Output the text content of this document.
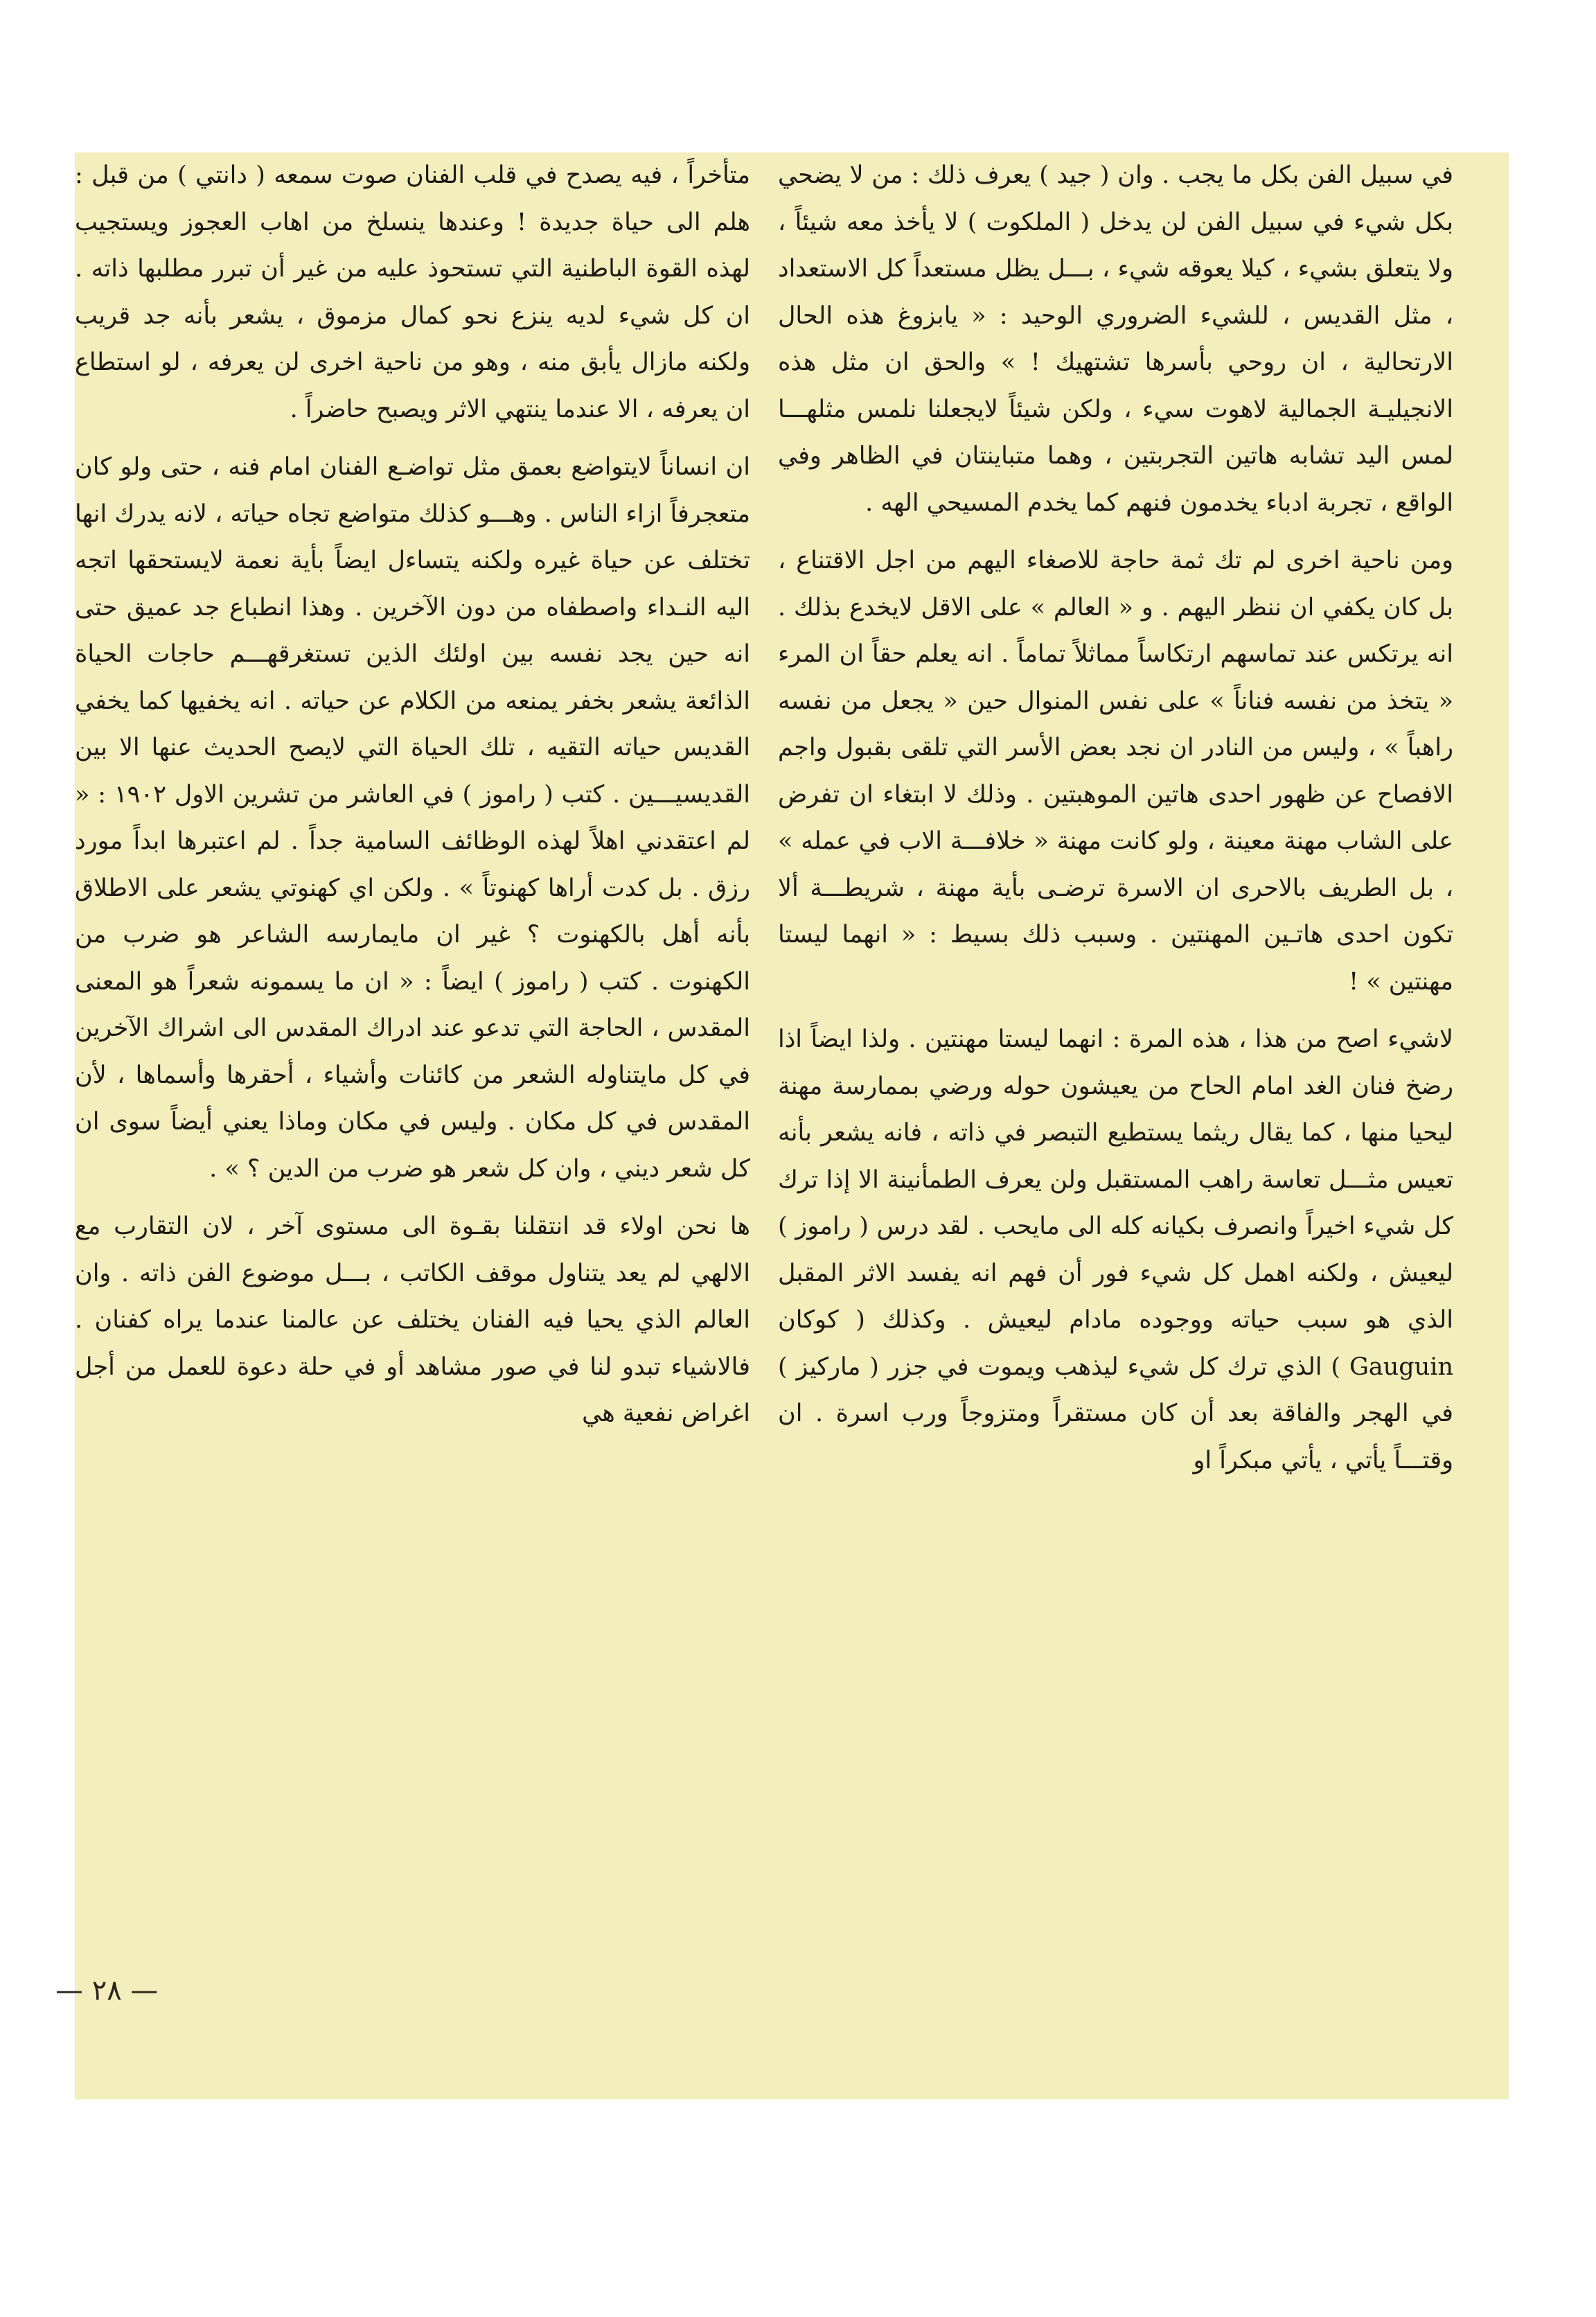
في سبيل الفن بكل ما يجب . وان ( جيد ) يعرف ذلك : من لا يضحي بكل شيء في سبيل الفن لن يدخل ( الملكوت ) لا يأخذ معه شيئاً ، ولا يتعلق بشيء ، كيلا يعوقه شيء ، بـــل يظل مستعداً كل الاستعداد ، مثل القديس ، للشيء الضروري الوحيد : « يابزوغ هذه الحال الارتحالية ، ان روحي بأسرها تشتهيك ! » والحق ان مثل هذه الانجيليـة الجمالية لاهوت سيء ، ولكن شيئاً لايجعلنا نلمس مثلهـــا لمس اليد تشابه هاتين التجربتين ، وهما متباينتان في الظاهر وفي الواقع ، تجربة ادباء يخدمون فنهم كما يخدم المسيحي الهه .

ومن ناحية اخرى لم تك ثمة حاجة للاصغاء اليهم من اجل الاقتناع ، بل كان يكفي ان ننظر اليهم . و « العالم » على الاقل لايخدع بذلك . انه يرتكس عند تماسهم ارتكاساً مماثلاً تماماً . انه يعلم حقاً ان المرء « يتخذ من نفسه فناناً » على نفس المنوال حين « يجعل من نفسه راهباً » ، وليس من النادر ان نجد بعض الأسر التي تلقى بقبول واجم الافصاح عن ظهور احدى هاتين الموهبتين . وذلك لا ابتغاء ان تفرض على الشاب مهنة معينة ، ولو كانت مهنة « خلافـــة الاب في عمله » ، بل الطريف بالاحرى ان الاسرة ترضـى بأية مهنة ، شريطـــة ألا تكون احدى هاتـين المهنتين . وسبب ذلك بسيط : « انهما ليستا مهنتين » !

لاشيء اصح من هذا ، هذه المرة : انهما ليستا مهنتين . ولذا ايضاً اذا رضخ فنان الغد امام الحاح من يعيشون حوله ورضي بممارسة مهنة ليحيا منها ، كما يقال ريثما يستطيع التبصر في ذاته ، فانه يشعر بأنه تعيس مثـــل تعاسة راهب المستقبل ولن يعرف الطمأنينة الا إذا ترك كل شيء اخيراً وانصرف بكيانه كله الى مايحب . لقد درس ( راموز ) ليعيش ، ولكنه اهمل كل شيء فور أن فهم انه يفسد الاثر المقبل الذي هو سبب حياته ووجوده مادام ليعيش . وكذلك ( كوكان Gauguin ) الذي ترك كل شيء ليذهب ويموت في جزر ( ماركيز ) في الهجر والفاقة بعد أن كان مستقراً ومتزوجاً ورب اسرة . ان وقتـــاً يأتي ، يأتي مبكراً او

متأخراً ، فيه يصدح في قلب الفنان صوت سمعه ( دانتي ) من قبل : هلم الى حياة جديدة ! وعندها ينسلخ من اهاب العجوز ويستجيب لهذه القوة الباطنية التي تستحوذ عليه من غير أن تبرر مطلبها ذاته . ان كل شيء لديه ينزع نحو كمال مزموق ، يشعر بأنه جد قريب ولكنه مازال يأبق منه ، وهو من ناحية اخرى لن يعرفه ، لو استطاع ان يعرفه ، الا عندما ينتهي الاثر ويصبح حاضراً .

ان انساناً لايتواضع بعمق مثل تواضـع الفنان امام فنه ، حتى ولو كان متعجرفاً ازاء الناس . وهـــو كذلك متواضع تجاه حياته ، لانه يدرك انها تختلف عن حياة غيره ولكنه يتساءل ايضاً بأية نعمة لايستحقها اتجه اليه النـداء واصطفاه من دون الآخرين . وهذا انطباع جد عميق حتى انه حين يجد نفسه بين اولئك الذين تستغرقهـــم حاجات الحياة الذائعة يشعر بخفر يمنعه من الكلام عن حياته . انه يخفيها كما يخفي القديس حياته التقيه ، تلك الحياة التي لايصح الحديث عنها الا بين القديسيـــين . كتب ( راموز ) في العاشر من تشرين الاول ١٩٠٢ : « لم اعتقدني اهلاً لهذه الوظائف السامية جداً . لم اعتبرها ابداً مورد رزق . بل كدت أراها كهنوتاً » . ولكن اي كهنوتي يشعر على الاطلاق بأنه أهل بالكهنوت ؟ غير ان مايمارسه الشاعر هو ضرب من الكهنوت . كتب ( راموز ) ايضاً : « ان ما يسمونه شعراً هو المعنى المقدس ، الحاجة التي تدعو عند ادراك المقدس الى اشراك الآخرين في كل مايتناوله الشعر من كائنات وأشياء ، أحقرها وأسماها ، لأن المقدس في كل مكان . وليس في مكان وماذا يعني أيضاً سوى ان كل شعر ديني ، وان كل شعر هو ضرب من الدين ؟ » .

ها نحن اولاء قد انتقلنا بقـوة الى مستوى آخر ، لان التقارب مع الالهي لم يعد يتناول موقف الكاتب ، بـــل موضوع الفن ذاته . وان العالم الذي يحيا فيه الفنان يختلف عن عالمنا عندما يراه كفنان . فالاشياء تبدو لنا في صور مشاهد أو في حلة دعوة للعمل من أجل اغراض نفعية هي

— ٢٨ —
